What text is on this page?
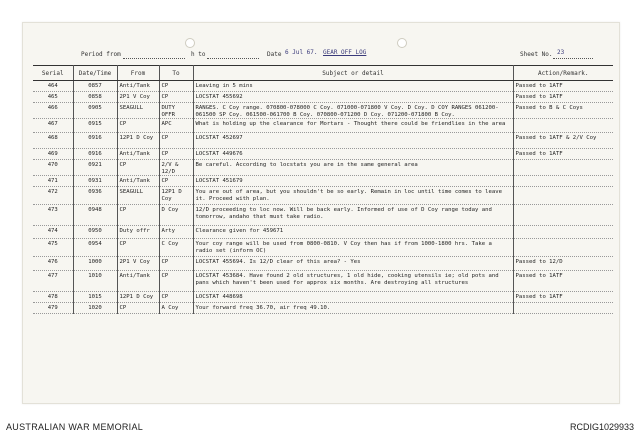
Period from	h to	Date 6 Jul 67. GEAR OFF LOG	Sheet No. 23
Serial	Date/Time	From	To	Subject or detail	Action/Remark.
464	0857	Anti/Tank	CP	Leaving in 5 mins	Passed to 1ATF
465	0858	2P1 V Coy	CP	LOCSTAT 455692	Passed to 1ATF
466	0905	SEAGULL	DUTY OFFR	RANGES. C Coy range. 070800-078000 C Coy. 071000-071800 V Coy. D Coy. D COY RANGES 061200-061500 SP Coy. 061500-061700 B Coy. 070800-071200 D Coy. 071200-071800 B Coy.	Passed to B & C Coys
467	0915	CP	APC	What is holding up the clearance for Mortars - Thought there could be friendlies in the area	
468	0916	12P1 D Coy	CP	LOCSTAT 452697	Passed to 1ATF & 2/V Coy
469	0916	Anti/Tank	CP	LOCSTAT 449676	Passed to 1ATF
470	0921	CP	2/V & 12/D	Be careful. According to locstats you are in the same general area	
471	0931	Anti/Tank	CP	LOCSTAT 451679	
472	0936	SEAGULL	12P1 D Coy	You are out of area, but you shouldn't be so early. Remain in loc until time comes to leave it. Proceed with plan.	
473	0948	CP	D Coy	12/D proceeding to loc now. Will be back early. Informed of use of D Coy range today and tomorrow, andaho that must take radio.	
474	0950	Duty offr	Arty	Clearance given for 459671	
475	0954	CP	C Coy	Your coy range will be used from 0800-0810. V Coy then has if from 1000-1800 hrs. Take a radio set (inform OC)	
476	1000	2P1 V Coy	CP	LOCSTAT 455694. Is 12/D clear of this area? - Yes	Passed to 12/D
477	1010	Anti/Tank	CP	LOCSTAT 453684. Have found 2 old structures, 1 old hide, cooking utensils ie; old pots and pans which haven't been used for approx six months. Are destroying all structures	Passed to 1ATF
478	1015	12P1 D Coy	CP	LOCSTAT 448698	Passed to 1ATF
479	1020	CP	A Coy	Your forward freq 36.70, air freq 49.10.	
AUSTRALIAN WAR MEMORIAL	RCDIG1029933
